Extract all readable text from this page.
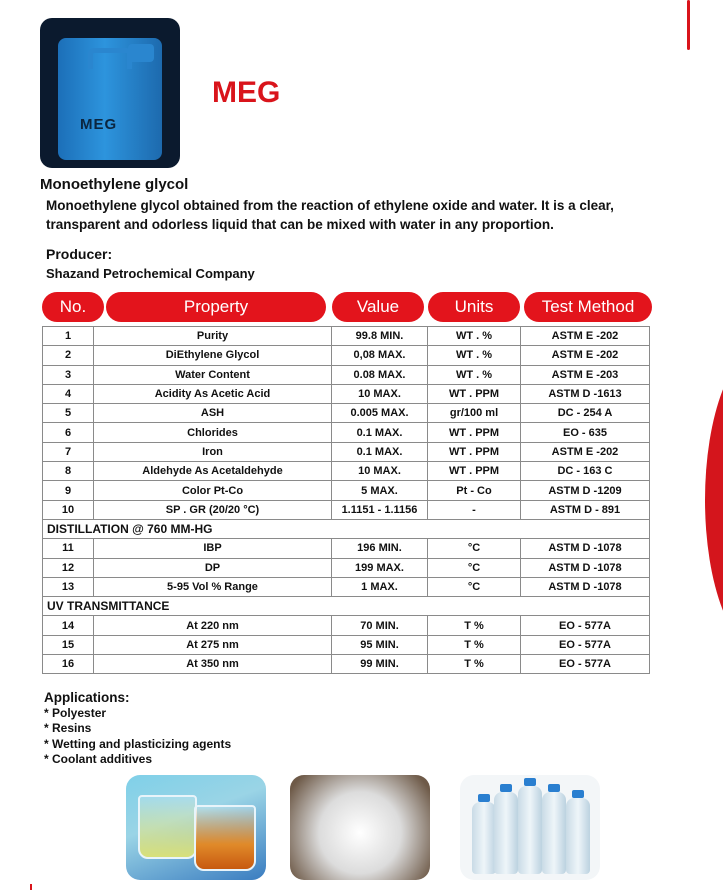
MEG
MEG
Monoethylene glycol
Monoethylene glycol obtained from the reaction of ethylene oxide and water. It is a clear, transparent and odorless liquid that can be mixed with water in any proportion.
Producer:
Shazand Petrochemical Company
No.	Property	Value	Units	Test Method
1	Purity	99.8 MIN.	WT . %	ASTM E -202
2	DiEthylene Glycol	0,08 MAX.	WT . %	ASTM E -202
3	Water Content	0.08 MAX.	WT . %	ASTM E -203
4	Acidity As Acetic Acid	10 MAX.	WT . PPM	ASTM D -1613
5	ASH	0.005 MAX.	gr/100 ml	DC - 254 A
6	Chlorides	0.1 MAX.	WT . PPM	EO - 635
7	Iron	0.1 MAX.	WT . PPM	ASTM E -202
8	Aldehyde As Acetaldehyde	10 MAX.	WT . PPM	DC - 163 C
9	Color Pt-Co	5 MAX.	Pt - Co	ASTM D -1209
10	SP . GR (20/20 °C)	1.1151 - 1.1156	-	ASTM D - 891
DISTILLATION @ 760 MM-HG				
11	IBP	196 MIN.	°C	ASTM D -1078
12	DP	199 MAX.	°C	ASTM D -1078
13	5-95 Vol % Range	1 MAX.	°C	ASTM D -1078
UV TRANSMITTANCE				
14	At 220 nm	70 MIN.	T %	EO - 577A
15	At 275 nm	95 MIN.	T %	EO - 577A
16	At 350 nm	99 MIN.	T %	EO - 577A
Applications:
* Polyester
* Resins
* Wetting and plasticizing agents
* Coolant additives
